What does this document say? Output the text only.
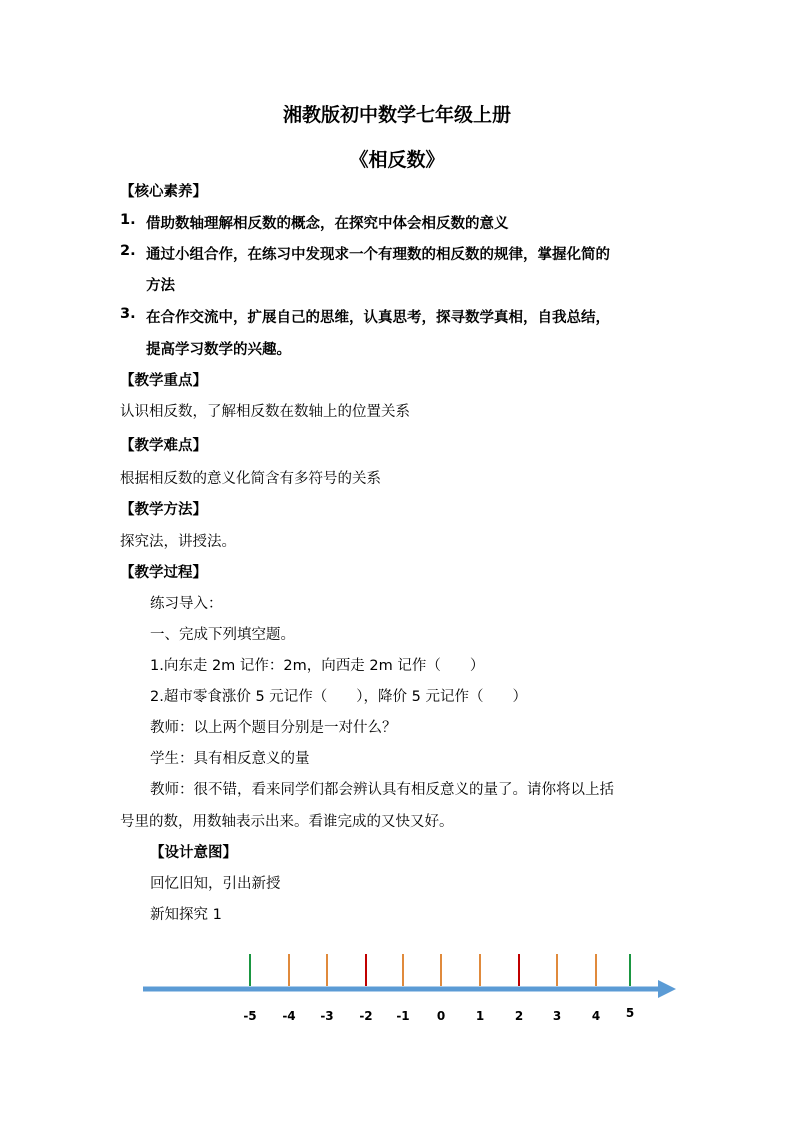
湘教版初中数学七年级上册
《相反数》
【核心素养】
1. 借助数轴理解相反数的概念，在探究中体会相反数的意义
2. 通过小组合作，在练习中发现求一个有理数的相反数的规律，掌握化简的
方法
3. 在合作交流中，扩展自己的思维，认真思考，探寻数学真相，自我总结，
提高学习数学的兴趣。
【教学重点】
认识相反数，了解相反数在数轴上的位置关系
【教学难点】
根据相反数的意义化简含有多符号的关系
【教学方法】
探究法，讲授法。
【教学过程】
练习导入：
一、完成下列填空题。
1.向东走 2m 记作：2m，向西走 2m 记作（　　）
2.超市零食涨价 5 元记作（　　），降价 5 元记作（　　）
教师：以上两个题目分别是一对什么？
学生：具有相反意义的量
教师：很不错，看来同学们都会辨认具有相反意义的量了。请你将以上括
号里的数，用数轴表示出来。看谁完成的又快又好。
【设计意图】
回忆旧知，引出新授
新知探究 1
-5 -4 -3 -2 -1 0	1	2 3	4 5
